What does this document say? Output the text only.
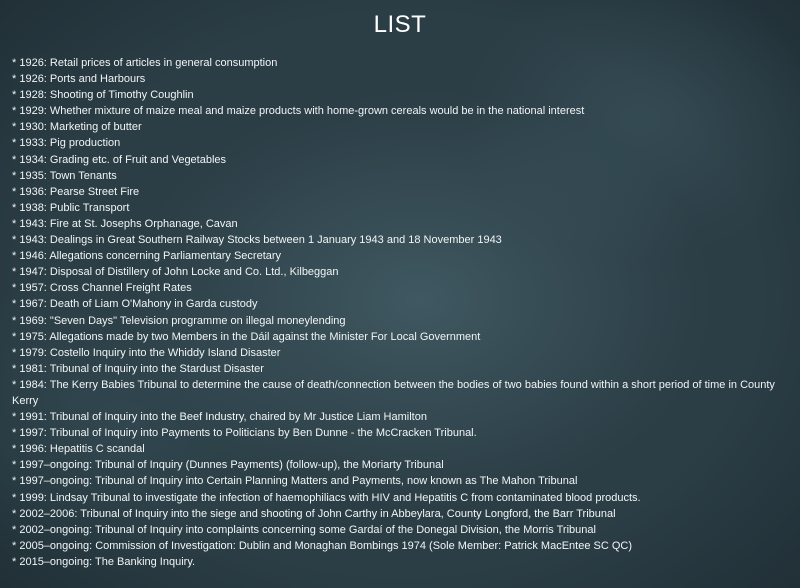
LIST
* 1926: Retail prices of articles in general consumption
* 1926: Ports and Harbours
* 1928: Shooting of Timothy Coughlin
* 1929: Whether mixture of maize meal and maize products with home-grown cereals would be in the national interest
* 1930: Marketing of butter
* 1933: Pig production
* 1934: Grading etc. of Fruit and Vegetables
* 1935: Town Tenants
* 1936: Pearse Street Fire
* 1938: Public Transport
* 1943: Fire at St. Josephs Orphanage, Cavan
* 1943: Dealings in Great Southern Railway Stocks between 1 January 1943 and 18 November 1943
* 1946: Allegations concerning Parliamentary Secretary
* 1947: Disposal of Distillery of John Locke and Co. Ltd., Kilbeggan
* 1957: Cross Channel Freight Rates
* 1967: Death of Liam O'Mahony in Garda custody
* 1969: "Seven Days" Television programme on illegal moneylending
* 1975: Allegations made by two Members in the Dáil against the Minister For Local Government
* 1979: Costello Inquiry into the Whiddy Island Disaster
* 1981: Tribunal of Inquiry into the Stardust Disaster
* 1984: The Kerry Babies Tribunal to determine the cause of death/connection between the bodies of two babies found within a short period of time in County Kerry
* 1991: Tribunal of Inquiry into the Beef Industry, chaired by Mr Justice Liam Hamilton
* 1997: Tribunal of Inquiry into Payments to Politicians by Ben Dunne - the McCracken Tribunal.
* 1996: Hepatitis C scandal
* 1997–ongoing: Tribunal of Inquiry (Dunnes Payments) (follow-up), the Moriarty Tribunal
* 1997–ongoing: Tribunal of Inquiry into Certain Planning Matters and Payments, now known as The Mahon Tribunal
* 1999: Lindsay Tribunal to investigate the infection of haemophiliacs with HIV and Hepatitis C from contaminated blood products.
* 2002–2006: Tribunal of Inquiry into the siege and shooting of John Carthy in Abbeylara, County Longford, the Barr Tribunal
* 2002–ongoing: Tribunal of Inquiry into complaints concerning some Gardaí of the Donegal Division, the Morris Tribunal
* 2005–ongoing: Commission of Investigation: Dublin and Monaghan Bombings 1974 (Sole Member: Patrick MacEntee SC QC)
* 2015–ongoing: The Banking Inquiry.
